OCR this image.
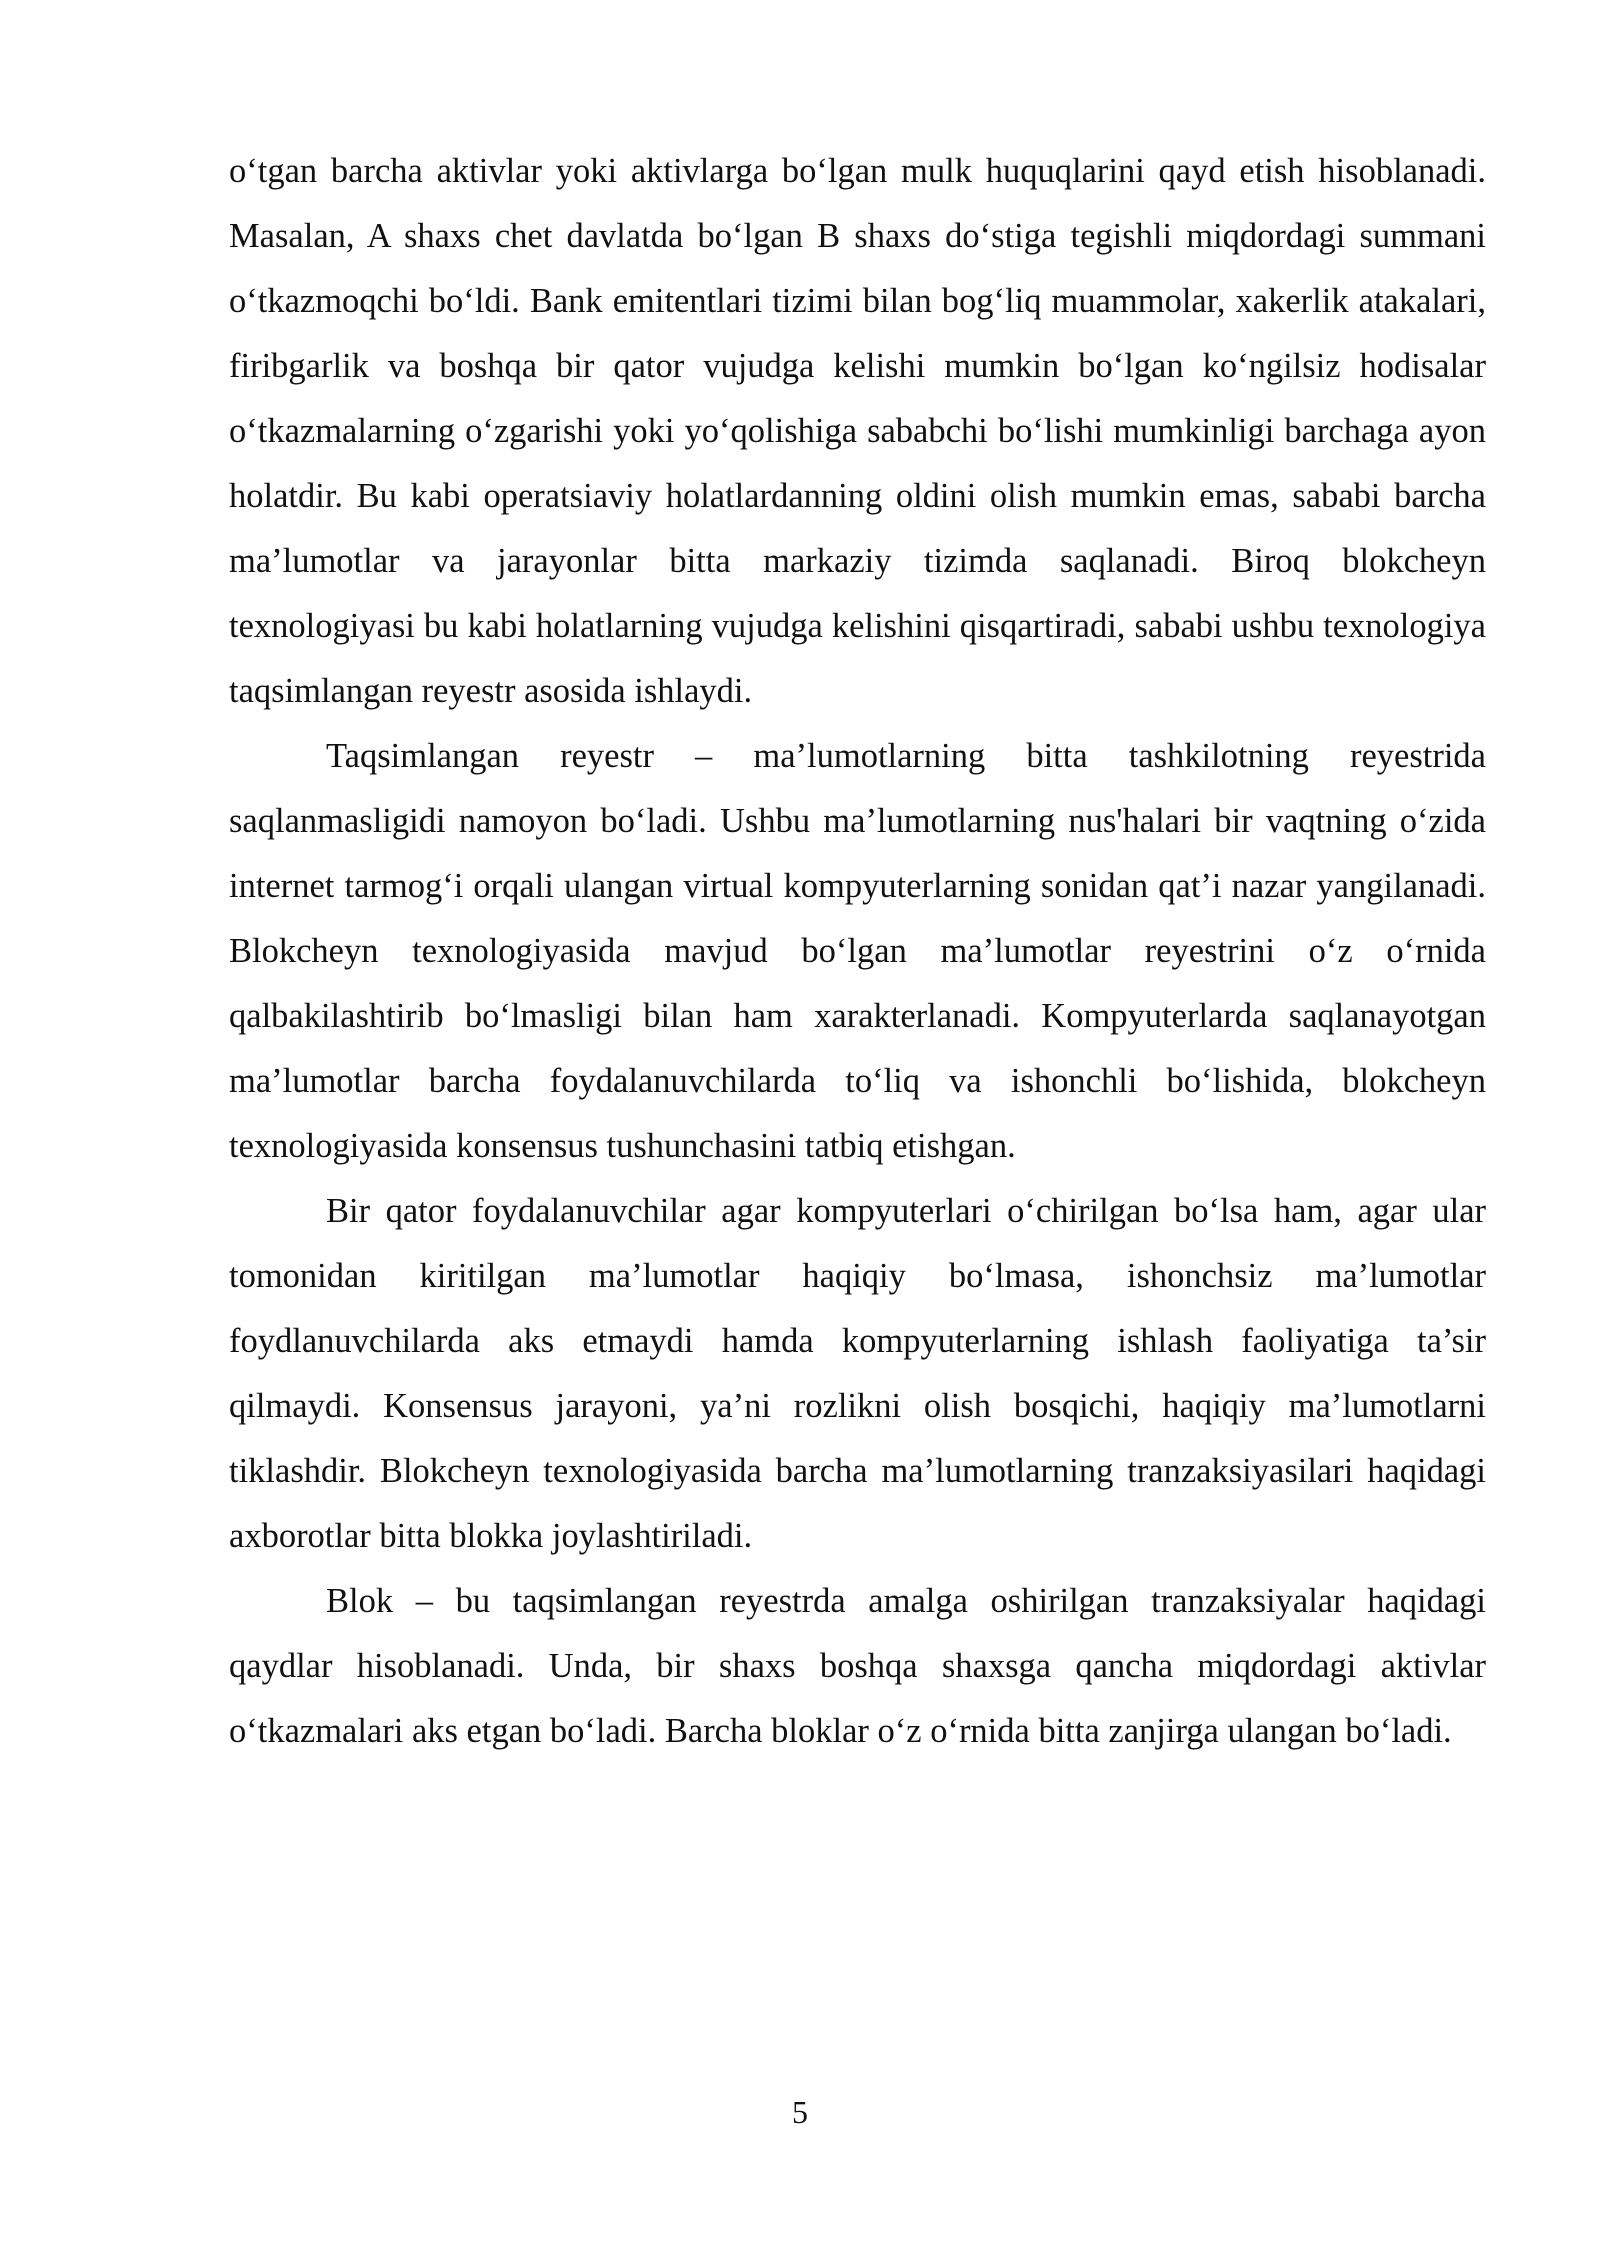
o‘tgan barcha aktivlar yoki aktivlarga bo‘lgan mulk huquqlarini qayd etish hisoblanadi. Masalan, A shaxs chet davlatda bo‘lgan B shaxs do‘stiga tegishli miqdordagi summani o‘tkazmoqchi bo‘ldi. Bank emitentlari tizimi bilan bog‘liq muammolar, xakerlik atakalari, firibgarlik va boshqa bir qator vujudga kelishi mumkin bo‘lgan ko‘ngilsiz hodisalar o‘tkazmalarning o‘zgarishi yoki yo‘qolishiga sababchi bo‘lishi mumkinligi barchaga ayon holatdir. Bu kabi operatsiaviy holatlardanning oldini olish mumkin emas, sababi barcha ma’lumotlar va jarayonlar bitta markaziy tizimda saqlanadi. Biroq blokcheyn texnologiyasi bu kabi holatlarning vujudga kelishini qisqartiradi, sababi ushbu texnologiya taqsimlangan reyestr asosida ishlaydi.

Taqsimlangan reyestr – ma’lumotlarning bitta tashkilotning reyestrida saqlanmasligidi namoyon bo‘ladi. Ushbu ma’lumotlarning nus'halari bir vaqtning o‘zida internet tarmog‘i orqali ulangan virtual kompyuterlarning sonidan qat’i nazar yangilanadi. Blokcheyn texnologiyasida mavjud bo‘lgan ma’lumotlar reyestrini o‘z o‘rnida qalbakilashtirib bo‘lmasligi bilan ham xarakterlanadi. Kompyuterlarda saqlanayotgan ma’lumotlar barcha foydalanuvchilarda to‘liq va ishonchli bo‘lishida, blokcheyn texnologiyasida konsensus tushunchasini tatbiq etishgan.

Bir qator foydalanuvchilar agar kompyuterlari o‘chirilgan bo‘lsa ham, agar ular tomonidan kiritilgan ma’lumotlar haqiqiy bo‘lmasa, ishonchsiz ma’lumotlar foydlanuvchilarda aks etmaydi hamda kompyuterlarning ishlash faoliyatiga ta’sir qilmaydi. Konsensus jarayoni, ya’ni rozlikni olish bosqichi, haqiqiy ma’lumotlarni tiklashdir. Blokcheyn texnologiyasida barcha ma’lumotlarning tranzaksiyasilari haqidagi axborotlar bitta blokka joylashtiriladi.

Blok – bu taqsimlangan reyestrda amalga oshirilgan tranzaksiyalar haqidagi qaydlar hisoblanadi. Unda, bir shaxs boshqa shaxsga qancha miqdordagi aktivlar o‘tkazmalari aks etgan bo‘ladi. Barcha bloklar o‘z o‘rnida bitta zanjirga ulangan bo‘ladi.

5
